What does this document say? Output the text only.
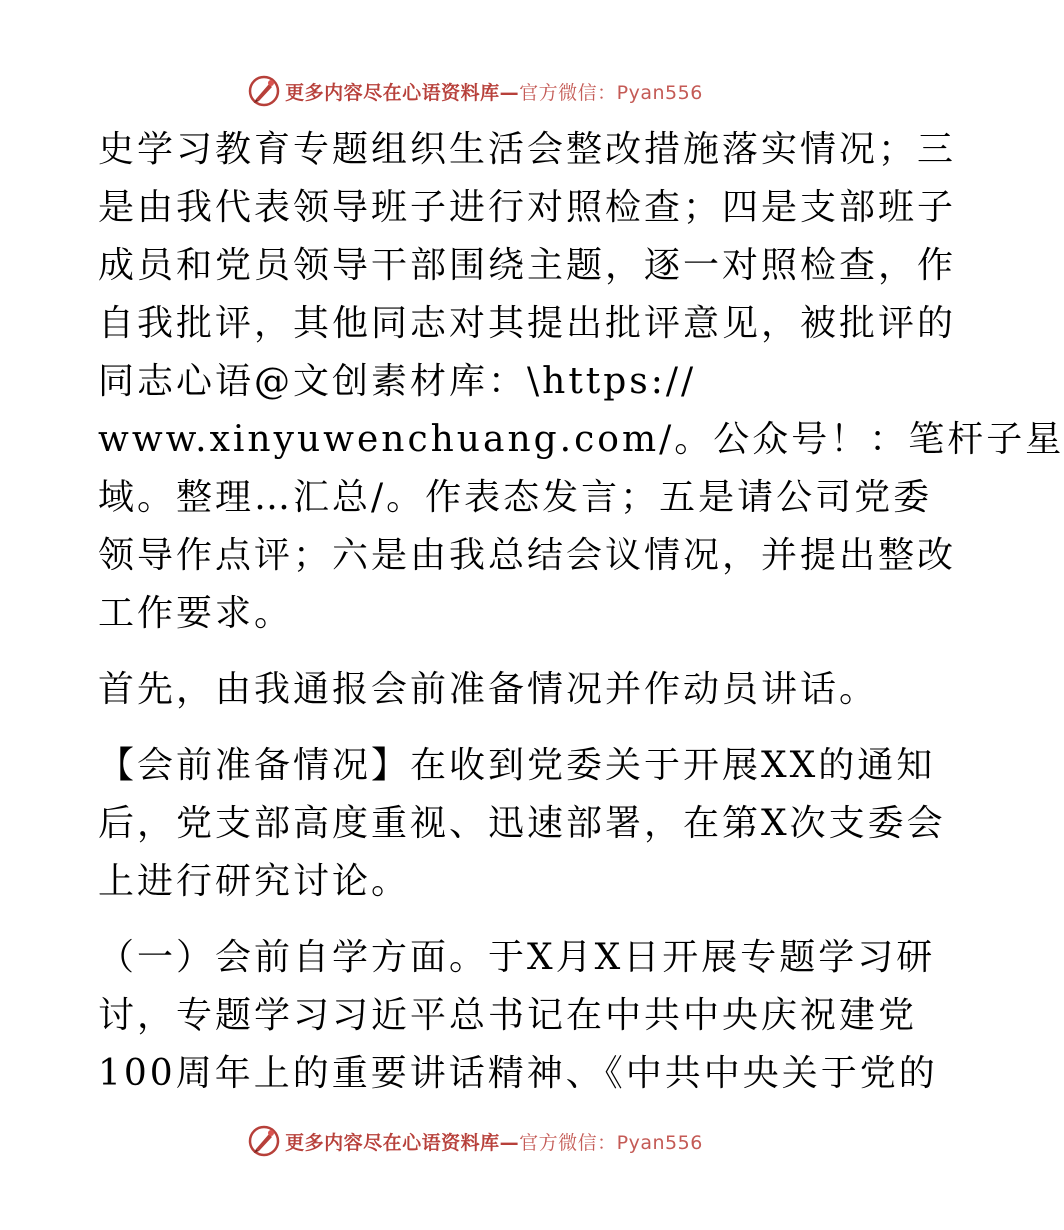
更多内容尽在心语资料库—官方微信：Pyan556
史学习教育专题组织生活会整改措施落实情况；三
是由我代表领导班子进行对照检查；四是支部班子
成员和党员领导干部围绕主题，逐一对照检查，作
自我批评，其他同志对其提出批评意见，被批评的
同志心语@文创素材库：\https://
www.xinyuwenchuang.com/。公众号！：笔杆子星
域。整理…汇总/。作表态发言；五是请公司党委
领导作点评；六是由我总结会议情况，并提出整改
工作要求。
首先，由我通报会前准备情况并作动员讲话。
【会前准备情况】在收到党委关于开展XX的通知
后，党支部高度重视、迅速部署，在第X次支委会
上进行研究讨论。
（一）会前自学方面。于X月X日开展专题学习研
讨，专题学习习近平总书记在中共中央庆祝建党
100周年上的重要讲话精神、《中共中央关于党的
更多内容尽在心语资料库—官方微信：Pyan556
